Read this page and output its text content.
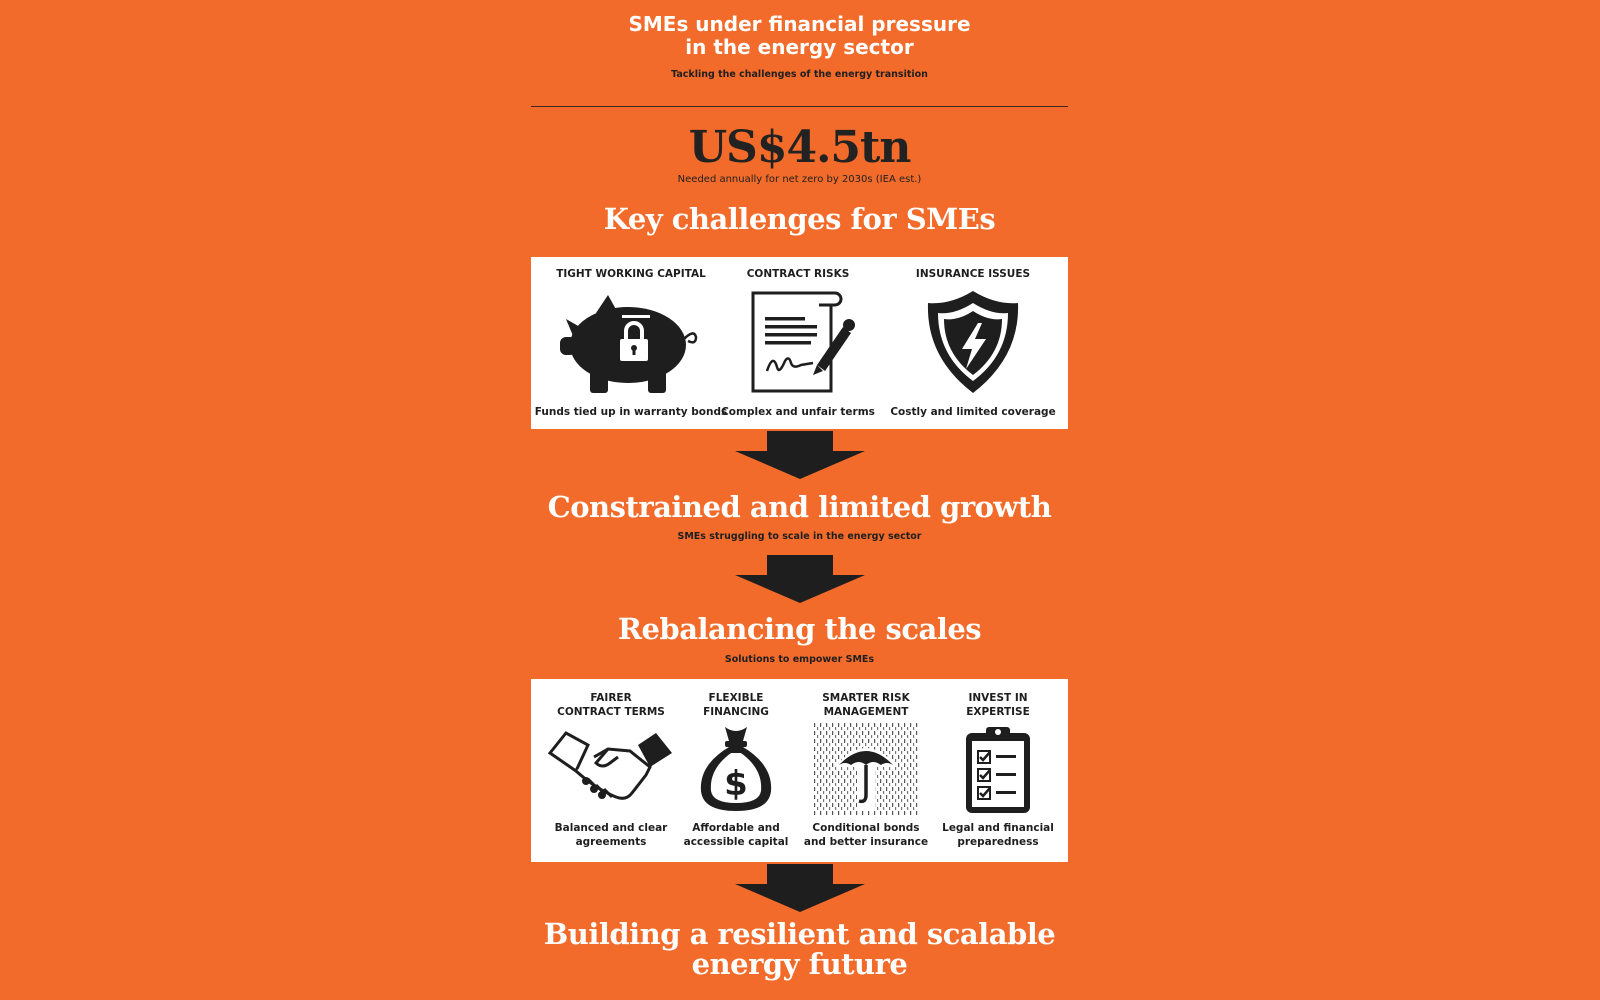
SMEs under financial pressure
in the energy sector
Tackling the challenges of the energy transition
US$4.5tn
Needed annually for net zero by 2030s (IEA est.)
Key challenges for SMEs
TIGHT WORKING CAPITAL
Funds tied up in warranty bonds
CONTRACT RISKS
Complex and unfair terms
INSURANCE ISSUES
Costly and limited coverage
Constrained and limited growth
SMEs struggling to scale in the energy sector
Rebalancing the scales
Solutions to empower SMEs
FAIRER
CONTRACT TERMS
Balanced and clear
agreements
FLEXIBLE
FINANCING
$
Affordable and
accessible capital
SMARTER RISK
MANAGEMENT
Conditional bonds
and better insurance
INVEST IN
EXPERTISE
Legal and financial
preparedness
Building a resilient and scalable
energy future
